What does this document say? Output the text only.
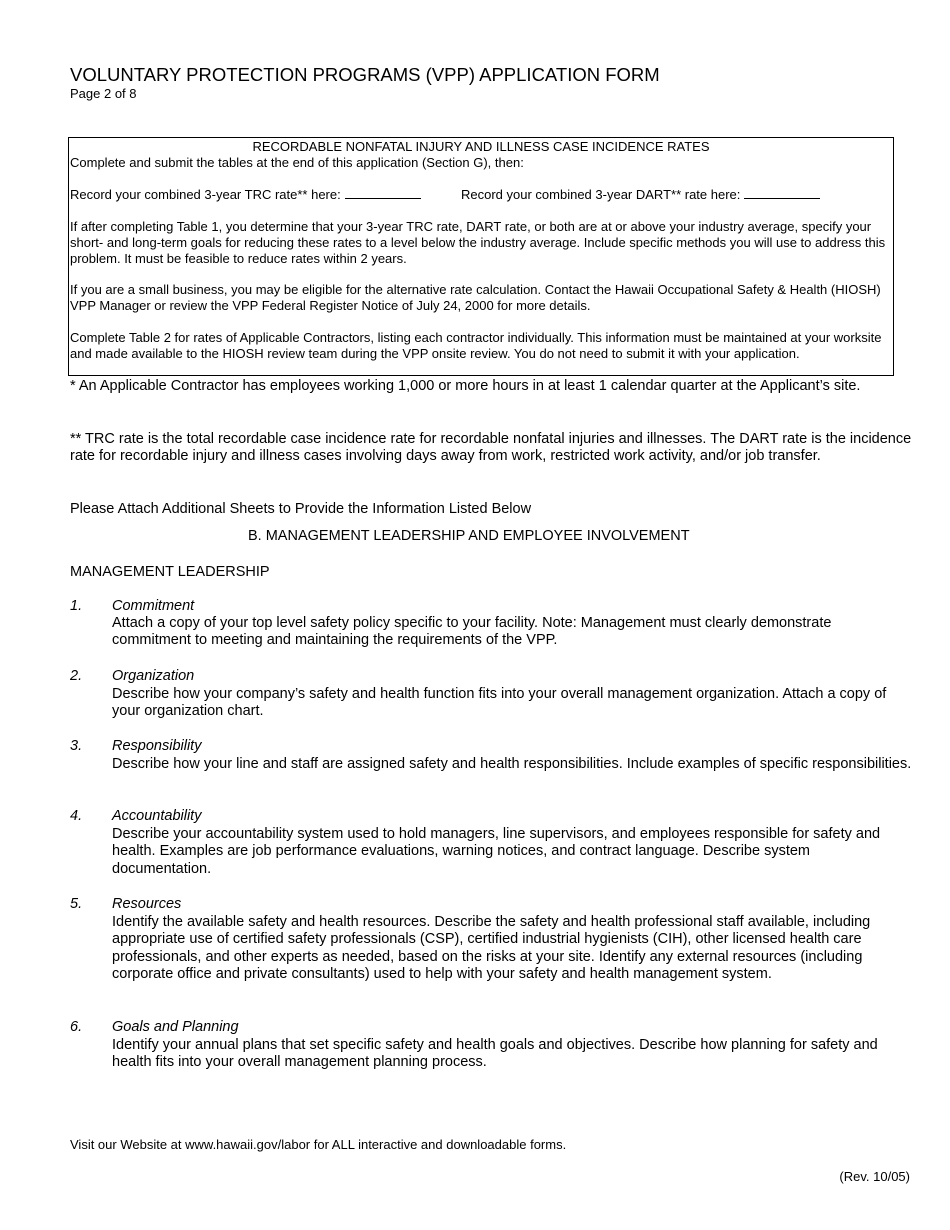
VOLUNTARY PROTECTION PROGRAMS (VPP) APPLICATION FORM
Page 2 of 8
RECORDABLE NONFATAL INJURY AND ILLNESS CASE INCIDENCE RATES
Complete and submit the tables at the end of this application (Section G), then:
Record your combined 3-year TRC rate** here:	Record your combined 3-year DART** rate here:
If after completing Table 1, you determine that your 3-year TRC rate, DART rate, or both are at or above your industry average, specify your short- and long-term goals for reducing these rates to a level below the industry average. Include specific methods you will use to address this problem. It must be feasible to reduce rates within 2 years.
If you are a small business, you may be eligible for the alternative rate calculation. Contact the Hawaii Occupational Safety & Health (HIOSH) VPP Manager or review the VPP Federal Register Notice of July 24, 2000 for more details.
Complete Table 2 for rates of Applicable Contractors, listing each contractor individually. This information must be maintained at your worksite and made available to the HIOSH review team during the VPP onsite review. You do not need to submit it with your application.
* An Applicable Contractor has employees working 1,000 or more hours in at least 1 calendar quarter at the Applicant’s site.
** TRC rate is the total recordable case incidence rate for recordable nonfatal injuries and illnesses. The DART rate is the incidence rate for recordable injury and illness cases involving days away from work, restricted work activity, and/or job transfer.
Please Attach Additional Sheets to Provide the Information Listed Below
B. MANAGEMENT LEADERSHIP AND EMPLOYEE INVOLVEMENT
MANAGEMENT LEADERSHIP
1. Commitment
Attach a copy of your top level safety policy specific to your facility. Note: Management must clearly demonstrate commitment to meeting and maintaining the requirements of the VPP.
2. Organization
Describe how your company’s safety and health function fits into your overall management organization. Attach a copy of your organization chart.
3. Responsibility
Describe how your line and staff are assigned safety and health responsibilities. Include examples of specific responsibilities.
4. Accountability
Describe your accountability system used to hold managers, line supervisors, and employees responsible for safety and health. Examples are job performance evaluations, warning notices, and contract language. Describe system documentation.
5. Resources
Identify the available safety and health resources. Describe the safety and health professional staff available, including appropriate use of certified safety professionals (CSP), certified industrial hygienists (CIH), other licensed health care professionals, and other experts as needed, based on the risks at your site. Identify any external resources (including corporate office and private consultants) used to help with your safety and health management system.
6. Goals and Planning
Identify your annual plans that set specific safety and health goals and objectives. Describe how planning for safety and health fits into your overall management planning process.
Visit our Website at www.hawaii.gov/labor for ALL interactive and downloadable forms.
(Rev. 10/05)
